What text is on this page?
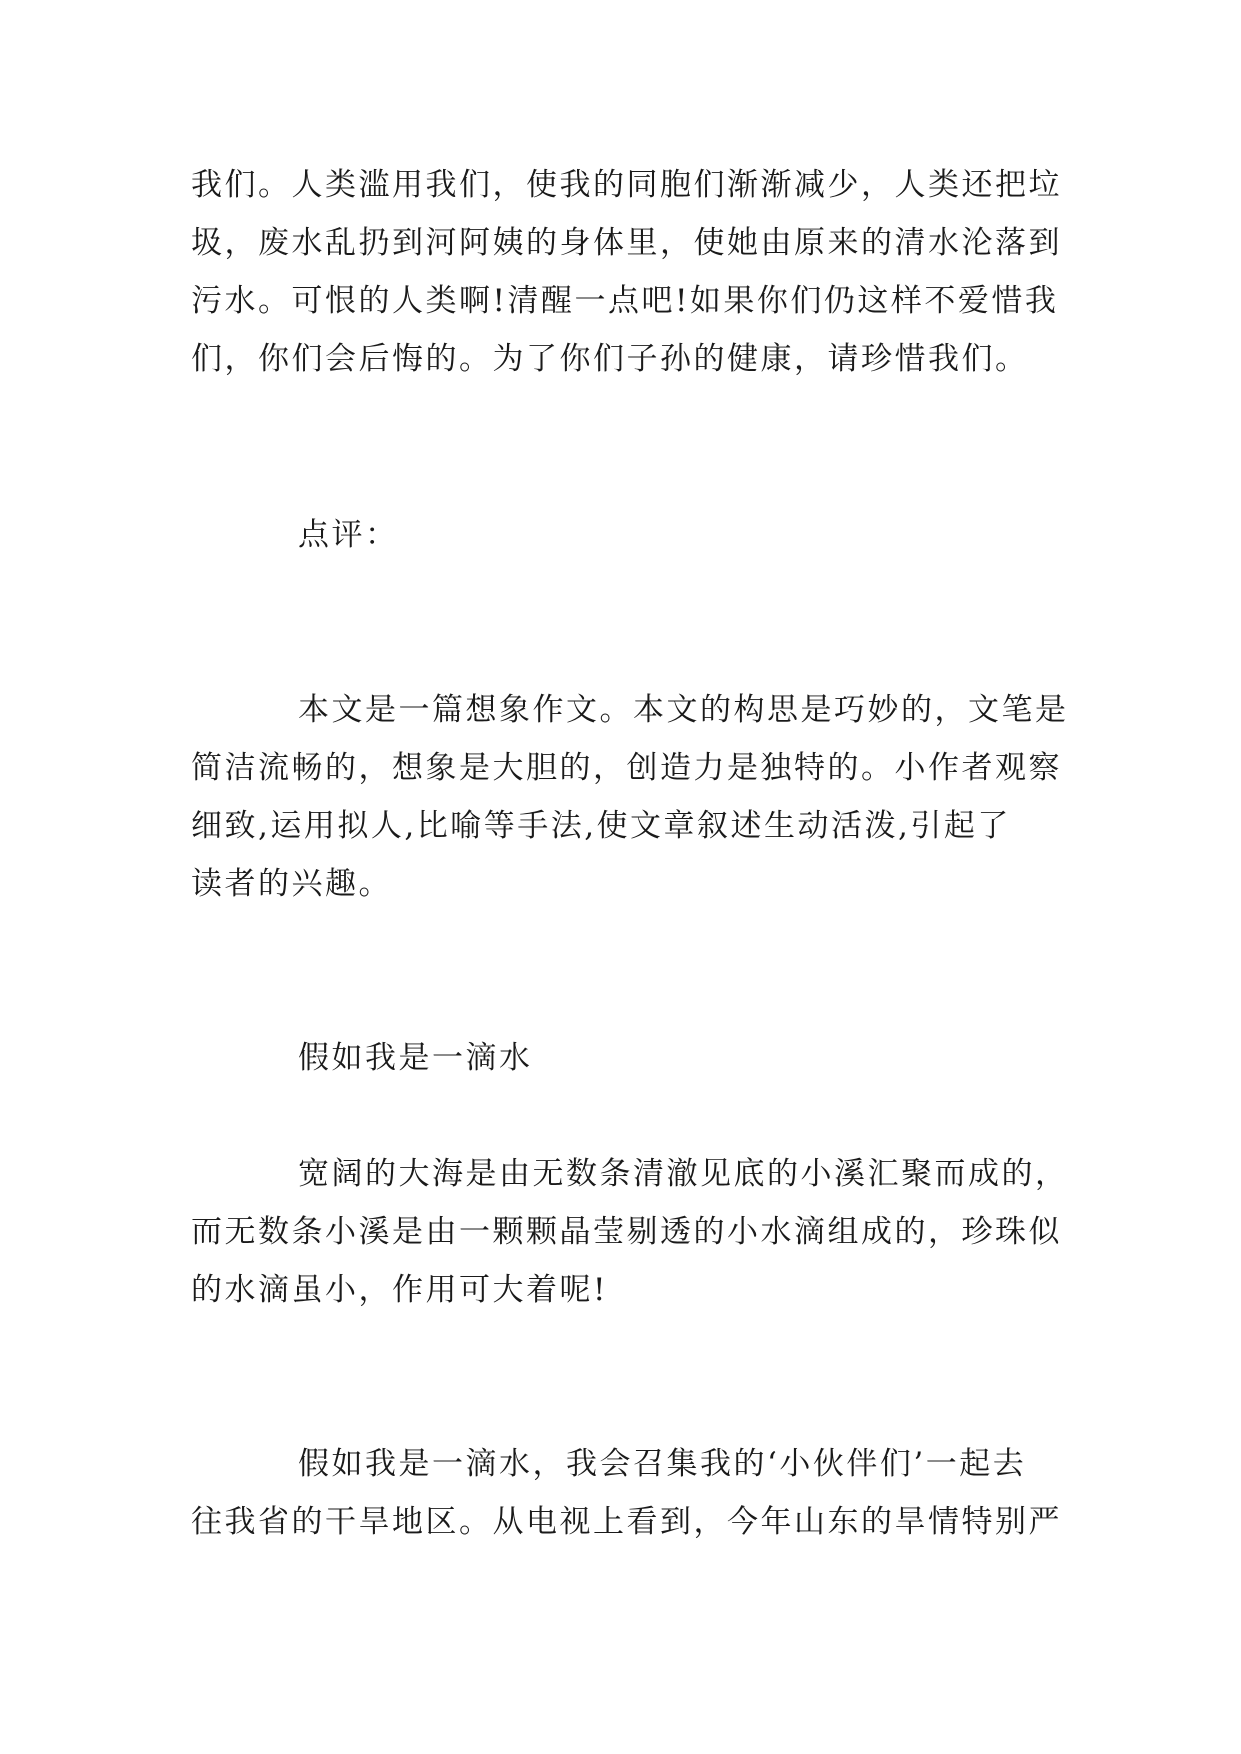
我们。人类滥用我们，使我的同胞们渐渐减少，人类还把垃
圾，废水乱扔到河阿姨的身体里，使她由原来的清水沦落到
污水。可恨的人类啊!清醒一点吧!如果你们仍这样不爱惜我
们，你们会后悔的。为了你们子孙的健康，请珍惜我们。
点评：
本文是一篇想象作文。本文的构思是巧妙的，文笔是
简洁流畅的，想象是大胆的，创造力是独特的。小作者观察
细致,运用拟人,比喻等手法,使文章叙述生动活泼,引起了
读者的兴趣。
假如我是一滴水
宽阔的大海是由无数条清澈见底的小溪汇聚而成的，
而无数条小溪是由一颗颗晶莹剔透的小水滴组成的，珍珠似
的水滴虽小，作用可大着呢!
假如我是一滴水，我会召集我的‘小伙伴们’一起去
往我省的干旱地区。从电视上看到，今年山东的旱情特别严
